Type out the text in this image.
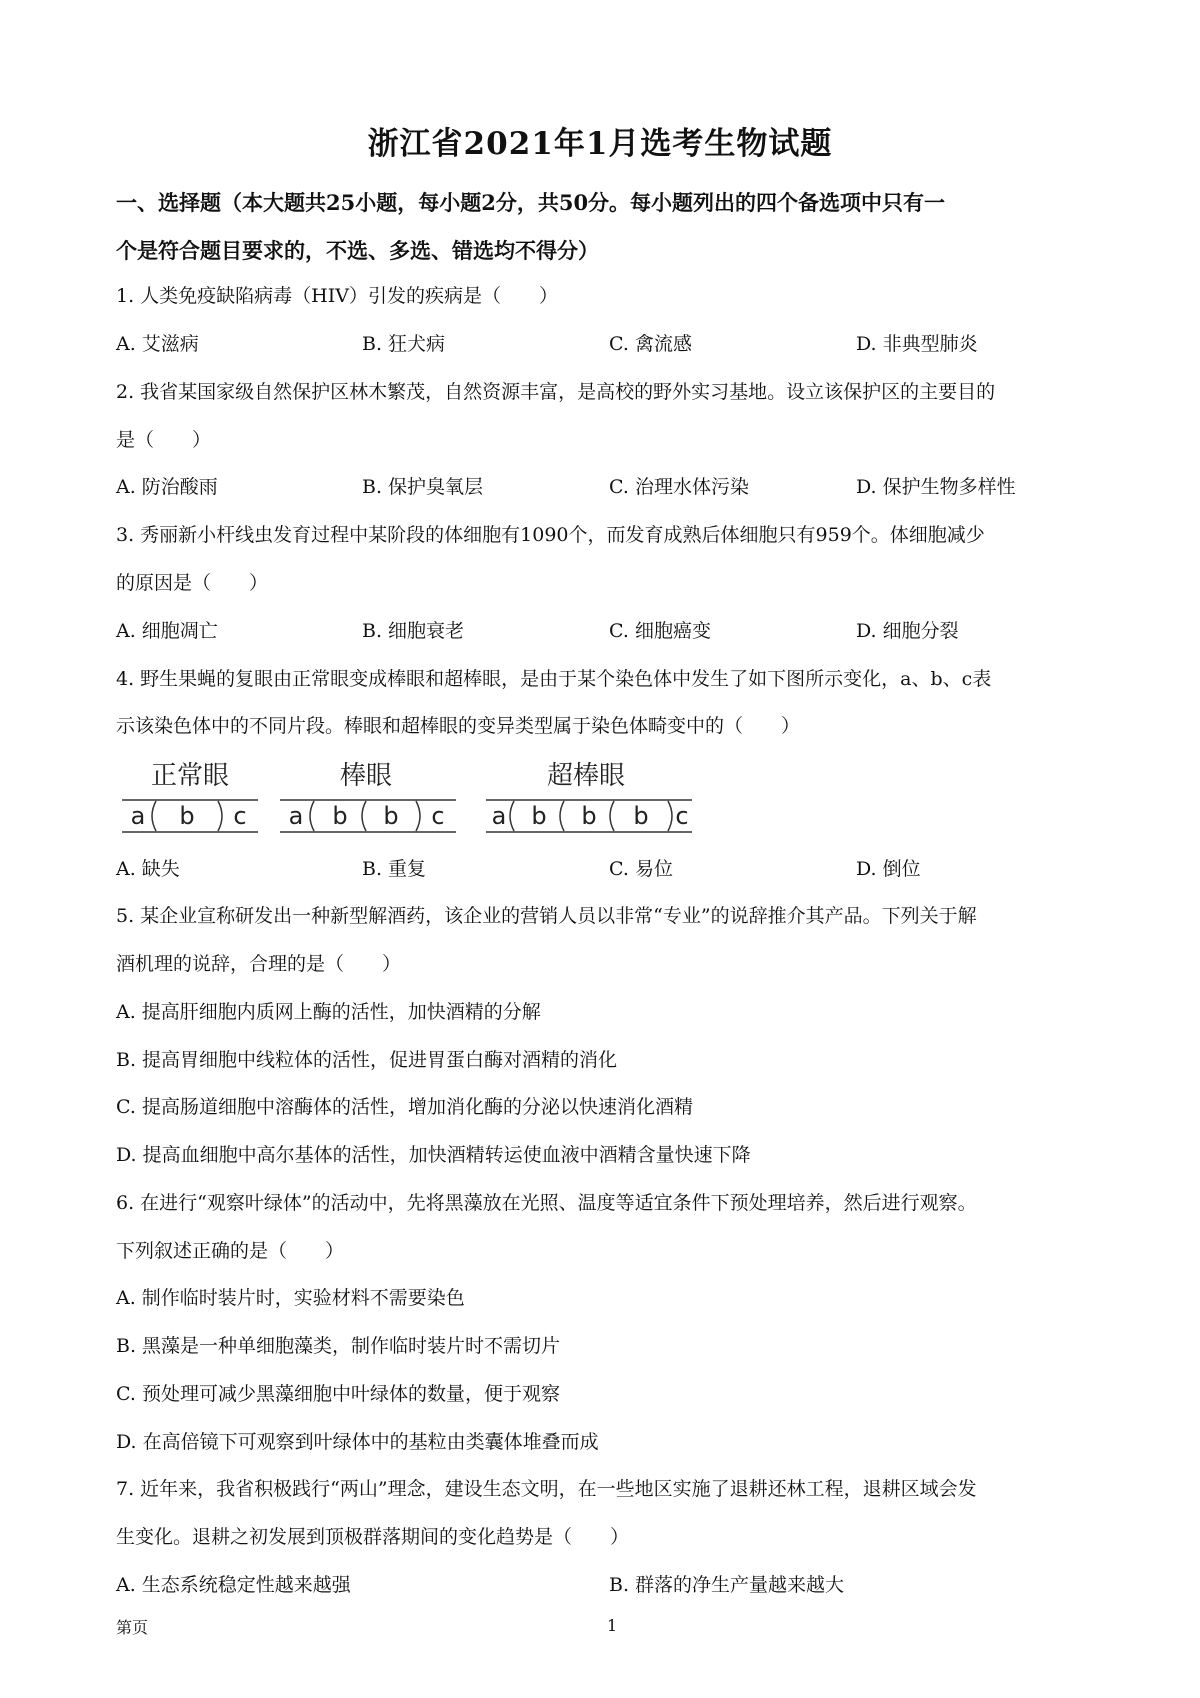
浙江省2021年1月选考生物试题
一、选择题（本大题共25小题，每小题2分，共50分。每小题列出的四个备选项中只有一
个是符合题目要求的，不选、多选、错选均不得分）
1. 人类免疫缺陷病毒（HIV）引发的疾病是（　　）
A. 艾滋病	B. 狂犬病	C. 禽流感	D. 非典型肺炎
2. 我省某国家级自然保护区林木繁茂，自然资源丰富，是高校的野外实习基地。设立该保护区的主要目的
是（　　）
A. 防治酸雨	B. 保护臭氧层	C. 治理水体污染	D. 保护生物多样性
3. 秀丽新小杆线虫发育过程中某阶段的体细胞有1090个，而发育成熟后体细胞只有959个。体细胞减少
的原因是（　　）
A. 细胞凋亡	B. 细胞衰老	C. 细胞癌变	D. 细胞分裂
4. 野生果蝇的复眼由正常眼变成棒眼和超棒眼，是由于某个染色体中发生了如下图所示变化，a、b、c表
示该染色体中的不同片段。棒眼和超棒眼的变异类型属于染色体畸变中的（　　）
正常眼	棒眼	超棒眼
a b c a b b c a b b b c
A. 缺失	B. 重复	C. 易位	D. 倒位
5. 某企业宣称研发出一种新型解酒药，该企业的营销人员以非常“专业”的说辞推介其产品。下列关于解
酒机理的说辞，合理的是（　　）
A. 提高肝细胞内质网上酶的活性，加快酒精的分解
B. 提高胃细胞中线粒体的活性，促进胃蛋白酶对酒精的消化
C. 提高肠道细胞中溶酶体的活性，增加消化酶的分泌以快速消化酒精
D. 提高血细胞中高尔基体的活性，加快酒精转运使血液中酒精含量快速下降
6. 在进行“观察叶绿体”的活动中，先将黑藻放在光照、温度等适宜条件下预处理培养，然后进行观察。
下列叙述正确的是（　　）
A. 制作临时装片时，实验材料不需要染色
B. 黑藻是一种单细胞藻类，制作临时装片时不需切片
C. 预处理可减少黑藻细胞中叶绿体的数量，便于观察
D. 在高倍镜下可观察到叶绿体中的基粒由类囊体堆叠而成
7. 近年来，我省积极践行“两山”理念，建设生态文明，在一些地区实施了退耕还林工程，退耕区域会发
生变化。退耕之初发展到顶极群落期间的变化趋势是（　　）
A. 生态系统稳定性越来越强	B. 群落的净生产量越来越大
第页	1
